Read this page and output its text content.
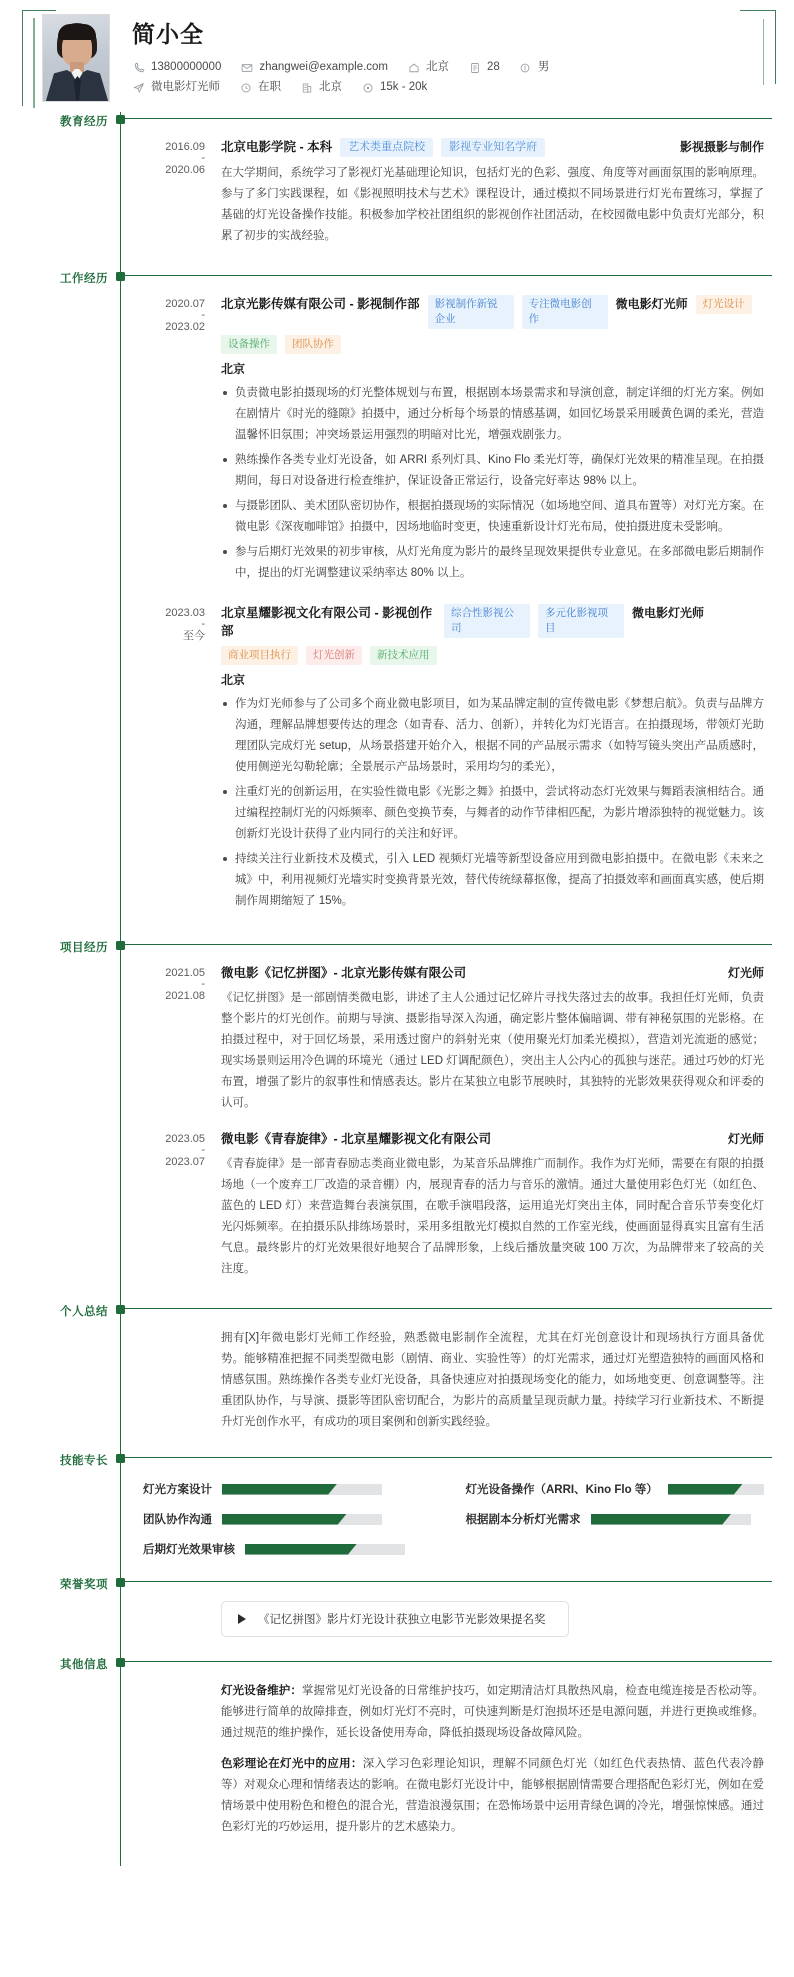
简小全
13800000000	zhangwei@example.com	北京	28	男
微电影灯光师	在职	北京	15k - 20k
教育经历
2016.09
-
2020.06
北京电影学院 - 本科	艺术类重点院校	影视专业知名学府	影视摄影与制作
在大学期间，系统学习了影视灯光基础理论知识，包括灯光的色彩、强度、角度等对画面氛围的影响原理。参与了多门实践课程，如《影视照明技术与艺术》课程设计，通过模拟不同场景进行灯光布置练习，掌握了基础的灯光设备操作技能。积极参加学校社团组织的影视创作社团活动，在校园微电影中负责灯光部分，积累了初步的实战经验。
工作经历
2020.07
-
2023.02
北京光影传媒有限公司 - 影视制作部	影视制作新锐企业
专注微电影创作
微电影灯光师	灯光设计
设备操作	团队协作
北京
负责微电影拍摄现场的灯光整体规划与布置，根据剧本场景需求和导演创意，制定详细的灯光方案。例如在剧情片《时光的缝隙》拍摄中，通过分析每个场景的情感基调，如回忆场景采用暖黄色调的柔光，营造温馨怀旧氛围；冲突场景运用强烈的明暗对比光，增强戏剧张力。
熟练操作各类专业灯光设备，如 ARRI 系列灯具、Kino Flo 柔光灯等，确保灯光效果的精准呈现。在拍摄期间，每日对设备进行检查维护，保证设备正常运行，设备完好率达 98% 以上。
与摄影团队、美术团队密切协作，根据拍摄现场的实际情况（如场地空间、道具布置等）对灯光方案。在微电影《深夜咖啡馆》拍摄中，因场地临时变更，快速重新设计灯光布局，使拍摄进度未受影响。
参与后期灯光效果的初步审核，从灯光角度为影片的最终呈现效果提供专业意见。在多部微电影后期制作中，提出的灯光调整建议采纳率达 80% 以上。
2023.03
-
至今
北京星耀影视文化有限公司 - 影视创作部
综合性影视公司
多元化影视项目
微电影灯光师
商业项目执行	灯光创新	新技术应用
北京
作为灯光师参与了公司多个商业微电影项目，如为某品牌定制的宣传微电影《梦想启航》。负责与品牌方沟通，理解品牌想要传达的理念（如青春、活力、创新），并转化为灯光语言。在拍摄现场，带领灯光助理团队完成灯光 setup，从场景搭建开始介入，根据不同的产品展示需求（如特写镜头突出产品质感时，使用侧逆光勾勒轮廓；全景展示产品场景时，采用均匀的柔光），
注重灯光的创新运用，在实验性微电影《光影之舞》拍摄中，尝试将动态灯光效果与舞蹈表演相结合。通过编程控制灯光的闪烁频率、颜色变换节奏，与舞者的动作节律相匹配，为影片增添独特的视觉魅力。该创新灯光设计获得了业内同行的关注和好评。
持续关注行业新技术及模式，引入 LED 视频灯光墙等新型设备应用到微电影拍摄中。在微电影《未来之城》中，利用视频灯光墙实时变换背景光效，替代传统绿幕抠像，提高了拍摄效率和画面真实感，使后期制作周期缩短了 15%。
项目经历
2021.05
-
2021.08
微电影《记忆拼图》- 北京光影传媒有限公司	灯光师
《记忆拼图》是一部剧情类微电影，讲述了主人公通过记忆碎片寻找失落过去的故事。我担任灯光师，负责整个影片的灯光创作。前期与导演、摄影指导深入沟通，确定影片整体偏暗调、带有神秘氛围的光影格。在拍摄过程中，对于回忆场景，采用透过窗户的斜射光束（使用聚光灯加柔光模拟），营造刘光流逝的感觉；现实场景则运用冷色调的环境光（通过 LED 灯调配颜色），突出主人公内心的孤独与迷茫。通过巧妙的灯光布置，增强了影片的叙事性和情感表达。影片在某独立电影节展映时，其独特的光影效果获得观众和评委的认可。
2023.05
-
2023.07
微电影《青春旋律》- 北京星耀影视文化有限公司	灯光师
《青春旋律》是一部青春励志类商业微电影，为某音乐品牌推广而制作。我作为灯光师，需要在有限的拍摄场地（一个废弃工厂改造的录音棚）内，展现青春的活力与音乐的激情。通过大量使用彩色灯光（如红色、蓝色的 LED 灯）来营造舞台表演氛围，在歌手演唱段落，运用追光灯突出主体，同时配合音乐节奏变化灯光闪烁频率。在拍摄乐队排练场景时，采用多组散光灯模拟自然的工作室光线，使画面显得真实且富有生活气息。最终影片的灯光效果很好地契合了品牌形象，上线后播放量突破 100 万次，为品牌带来了较高的关注度。
个人总结
拥有[X]年微电影灯光师工作经验，熟悉微电影制作全流程，尤其在灯光创意设计和现场执行方面具备优势。能够精准把握不同类型微电影（剧情、商业、实验性等）的灯光需求，通过灯光塑造独特的画面风格和情感氛围。熟练操作各类专业灯光设备，具备快速应对拍摄现场变化的能力，如场地变更、创意调整等。注重团队协作，与导演、摄影等团队密切配合，为影片的高质量呈现贡献力量。持续学习行业新技术、不断提升灯光创作水平，有成功的项目案例和创新实践经验。
技能专长
灯光方案设计	灯光设备操作（ARRI、Kino Flo 等）
团队协作沟通	根据剧本分析灯光需求
后期灯光效果审核
荣誉奖项
《记忆拼图》影片灯光设计获独立电影节光影效果提名奖
其他信息
灯光设备维护：掌握常见灯光设备的日常维护技巧，如定期清洁灯具散热风扇，检查电缆连接是否松动等。能够进行简单的故障排查，例如灯光灯不亮时，可快速判断是灯泡损坏还是电源问题，并进行更换或维修。通过规范的维护操作，延长设备使用寿命，降低拍摄现场设备故障风险。
色彩理论在灯光中的应用：深入学习色彩理论知识，理解不同颜色灯光（如红色代表热情、蓝色代表冷静等）对观众心理和情绪表达的影响。在微电影灯光设计中，能够根据剧情需要合理搭配色彩灯光，例如在爱情场景中使用粉色和橙色的混合光，营造浪漫氛围；在恐怖场景中运用青绿色调的冷光，增强惊悚感。通过色彩灯光的巧妙运用，提升影片的艺术感染力。
